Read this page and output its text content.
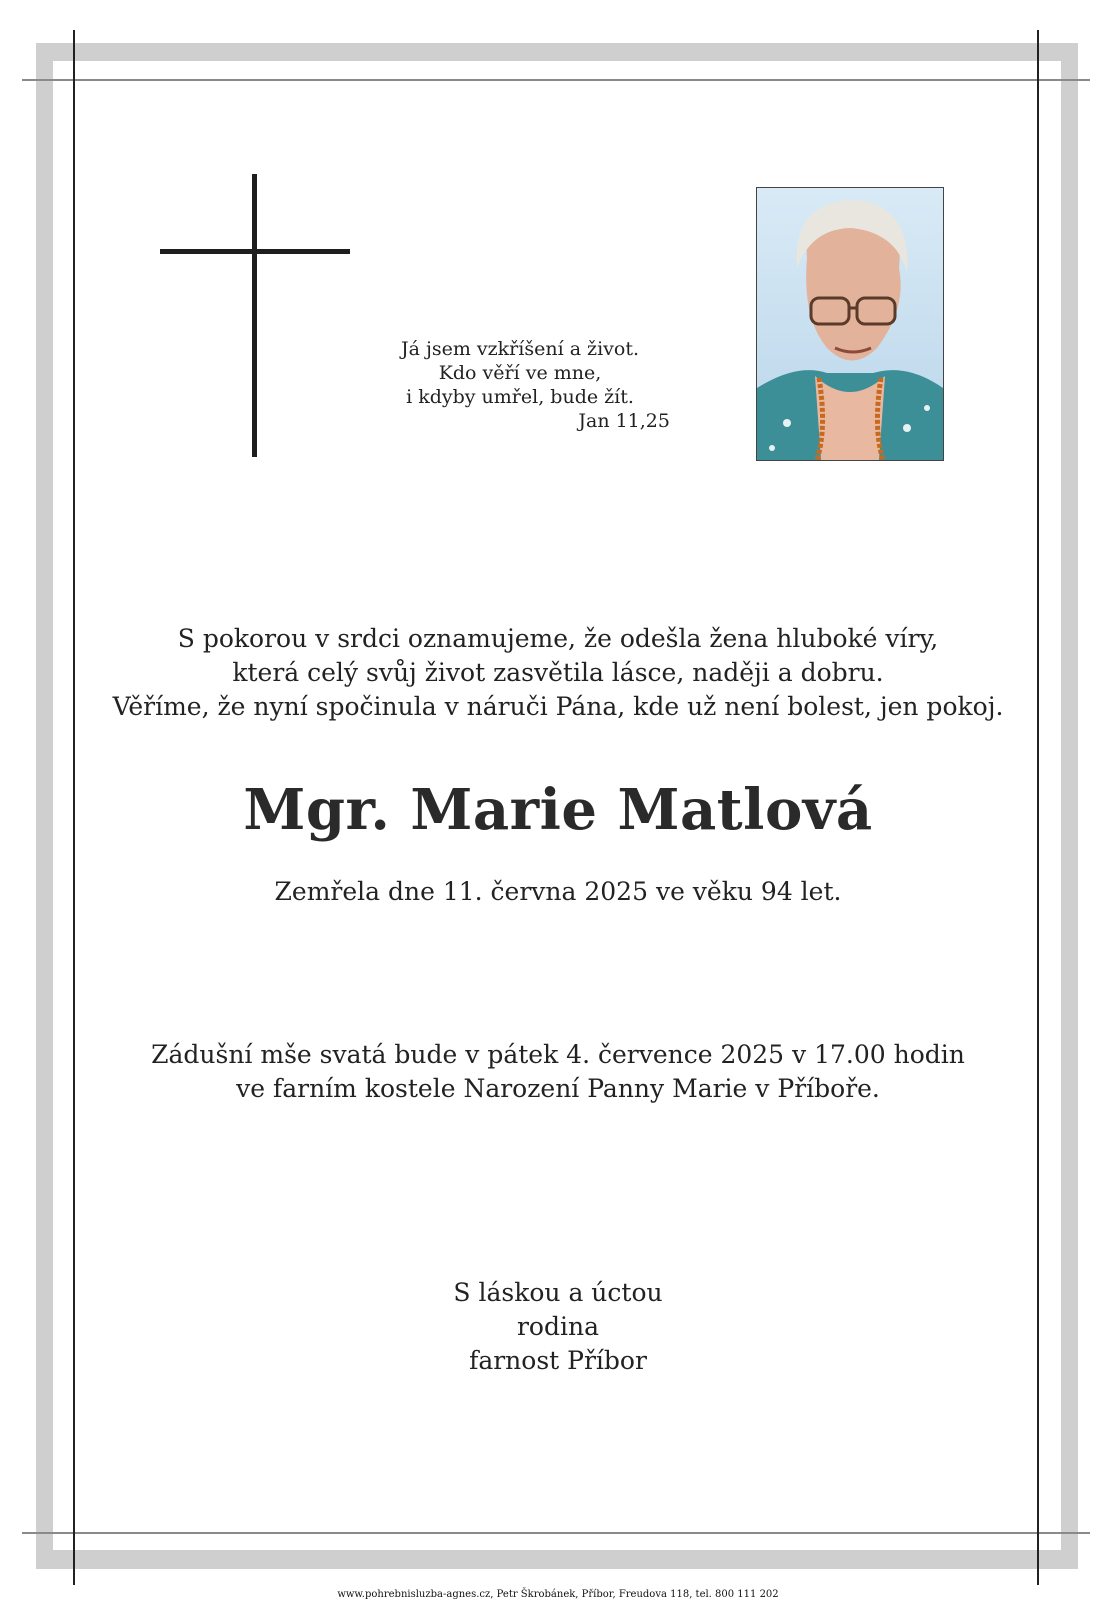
Já jsem vzkříšení a život.
Kdo věří ve mne,
i kdyby umřel, bude žít.
Jan 11,25
S pokorou v srdci oznamujeme, že odešla žena hluboké víry,
která celý svůj život zasvětila lásce, naději a dobru.
Věříme, že nyní spočinula v náruči Pána, kde už není bolest, jen pokoj.
Mgr. Marie Matlová
Zemřela dne 11. června 2025 ve věku 94 let.
Zádušní mše svatá bude v pátek 4. července 2025 v 17.00 hodin
ve farním kostele Narození Panny Marie v Příboře.
S láskou a úctou
rodina
farnost Příbor
www.pohrebnisluzba-agnes.cz, Petr Škrobánek, Příbor, Freudova 118, tel. 800 111 202
